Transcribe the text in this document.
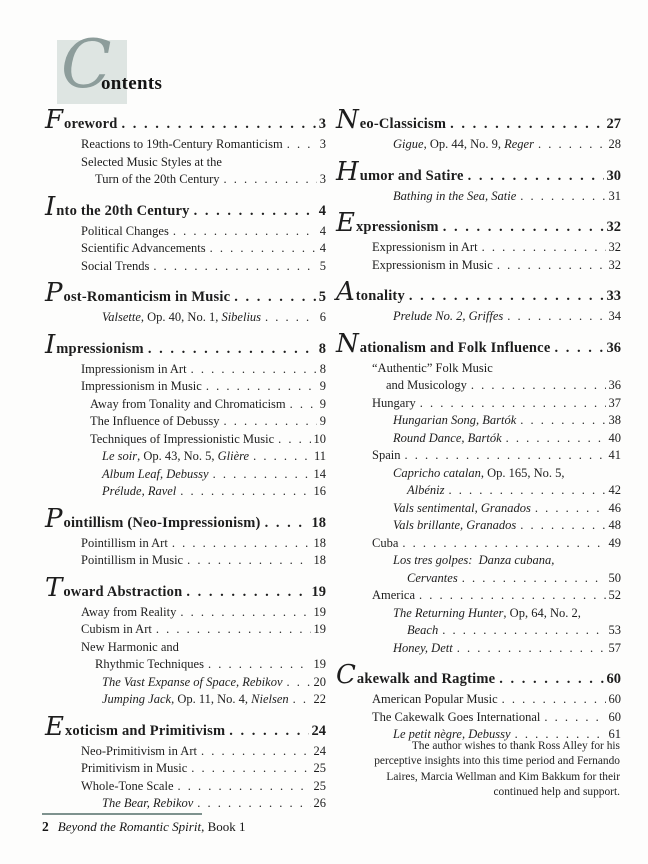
C
ontents
F oreword . . .	3
Reactions to 19th-Century Romanticism . . .	3
Selected Music Styles at the
Turn of the 20th Century . . .	3
I nto the 20th Century . . .	4
Political Changes . . .	4
Scientific Advancements . . .	4
Social Trends . . .	5
P ost-Romanticism in Music . . .	5
Valsette , Op. 40, No. 1, Sibelius . . .	6
I mpressionism . . .	8
Impressionism in Art . . .	8
Impressionism in Music . . .	9
Away from Tonality and Chromaticism . . .	9
The Influence of Debussy . . .	9
Techniques of Impressionistic Music . . .	10
Le soir , Op. 43, No. 5, Glière . . .	11
Album Leaf, Debussy . . .	14
Prélude, Ravel . . .	16
P ointillism (Neo-Impressionism) . . .	18
Pointillism in Art . . .	18
Pointillism in Music . . .	18
T oward Abstraction . . .	19
Away from Reality . . .	19
Cubism in Art . . .	19
New Harmonic and
Rhythmic Techniques . . .	19
The Vast Expanse of Space, Rebikov . . . 20
Jumping Jack , Op. 11, No. 4, Nielsen . . . 22
E xoticism and Primitivism . . .	24
Neo-Primitivism in Art . . .	24
Primitivism in Music . . .	25
Whole-Tone Scale . . .	25
The Bear, Rebikov . . .	26
N eo-Classicism . . .	27
Gigue , Op. 44, No. 9, Reger . . .	28
H umor and Satire . . .	30
Bathing in the Sea, Satie . . .	31
E xpressionism . . .	32
Expressionism in Art . . .	32
Expressionism in Music . . .	32
A tonality . . .	33
Prelude No. 2, Griffes . . .	34
N ationalism and Folk Influence . . .	36
“Authentic” Folk Music
and Musicology . . .	36
Hungary . . .	37
Hungarian Song, Bartók . . .	38
Round Dance, Bartók . . .	40
Spain . . .	41
Capricho catalan , Op. 165, No. 5,
Albéniz . . .	42
Vals sentimental, Granados . . .	46
Vals brillante, Granados . . .	48
Cuba . . .	49
Los tres golpes:  Danza cubana,
Cervantes . . .	50
America . . .	52
The Returning Hunter , Op, 64, No. 2,
Beach . . .	53
Honey, Dett . . .	57
C akewalk and Ragtime . . .	60
American Popular Music . . .	60
The Cakewalk Goes International . . .	60
Le petit nègre, Debussy . . .	61
The author wishes to thank Ross Alley for his perceptive insights into this time period and Fernando Laires, Marcia Wellman and Kim Bakkum for their continued help and support.
2 Beyond the Romantic Spirit, Book 1
